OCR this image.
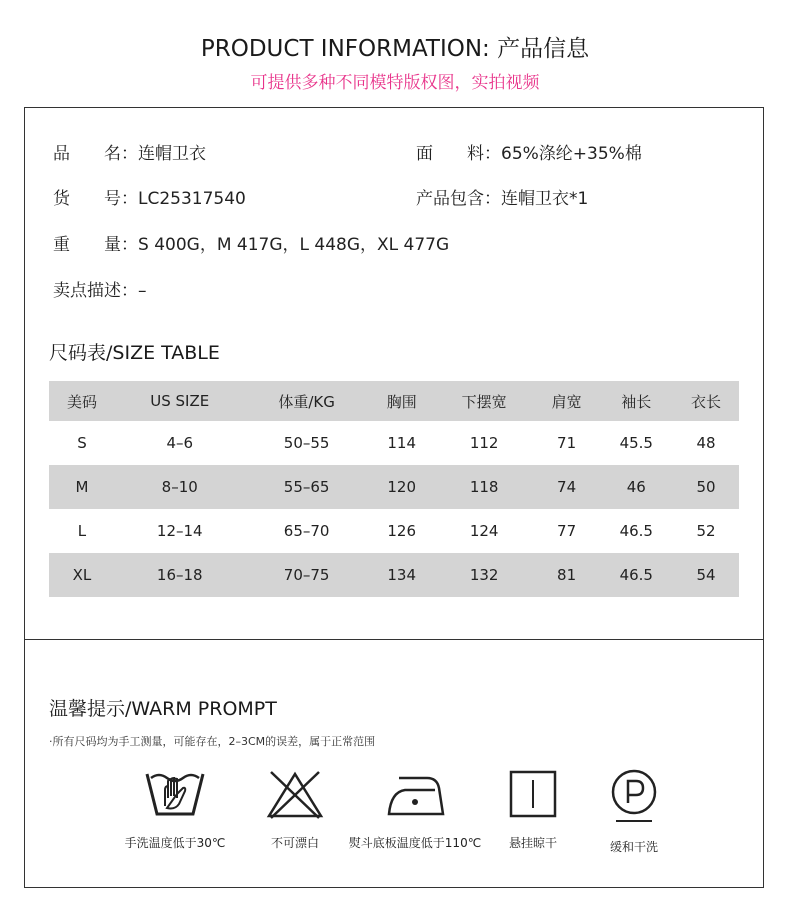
PRODUCT INFORMATION: 产品信息
可提供多种不同模特版权图，实拍视频
品　　名：连帽卫衣	面　　料：65%涤纶+35%棉
货　　号：LC25317540	产品包含：连帽卫衣*1
重　　量：S 400G，M 417G，L 448G，XL 477G
卖点描述：–
尺码表/SIZE TABLE
美码	US SIZE	体重/KG	胸围	下摆宽	肩宽	袖长	衣长
S	4–6	50–55	114	112	71	45.5	48
M	8–10	55–65	120	118	74	46	50
L	12–14	65–70	126	124	77	46.5	52
XL	16–18	70–75	134	132	81	46.5	54
温馨提示/WARM PROMPT
·所有尺码均为手工测量，可能存在，2–3CM的误差，属于正常范围
手洗温度低于30℃	不可漂白	熨斗底板温度低于110℃	悬挂晾干	缓和干洗
